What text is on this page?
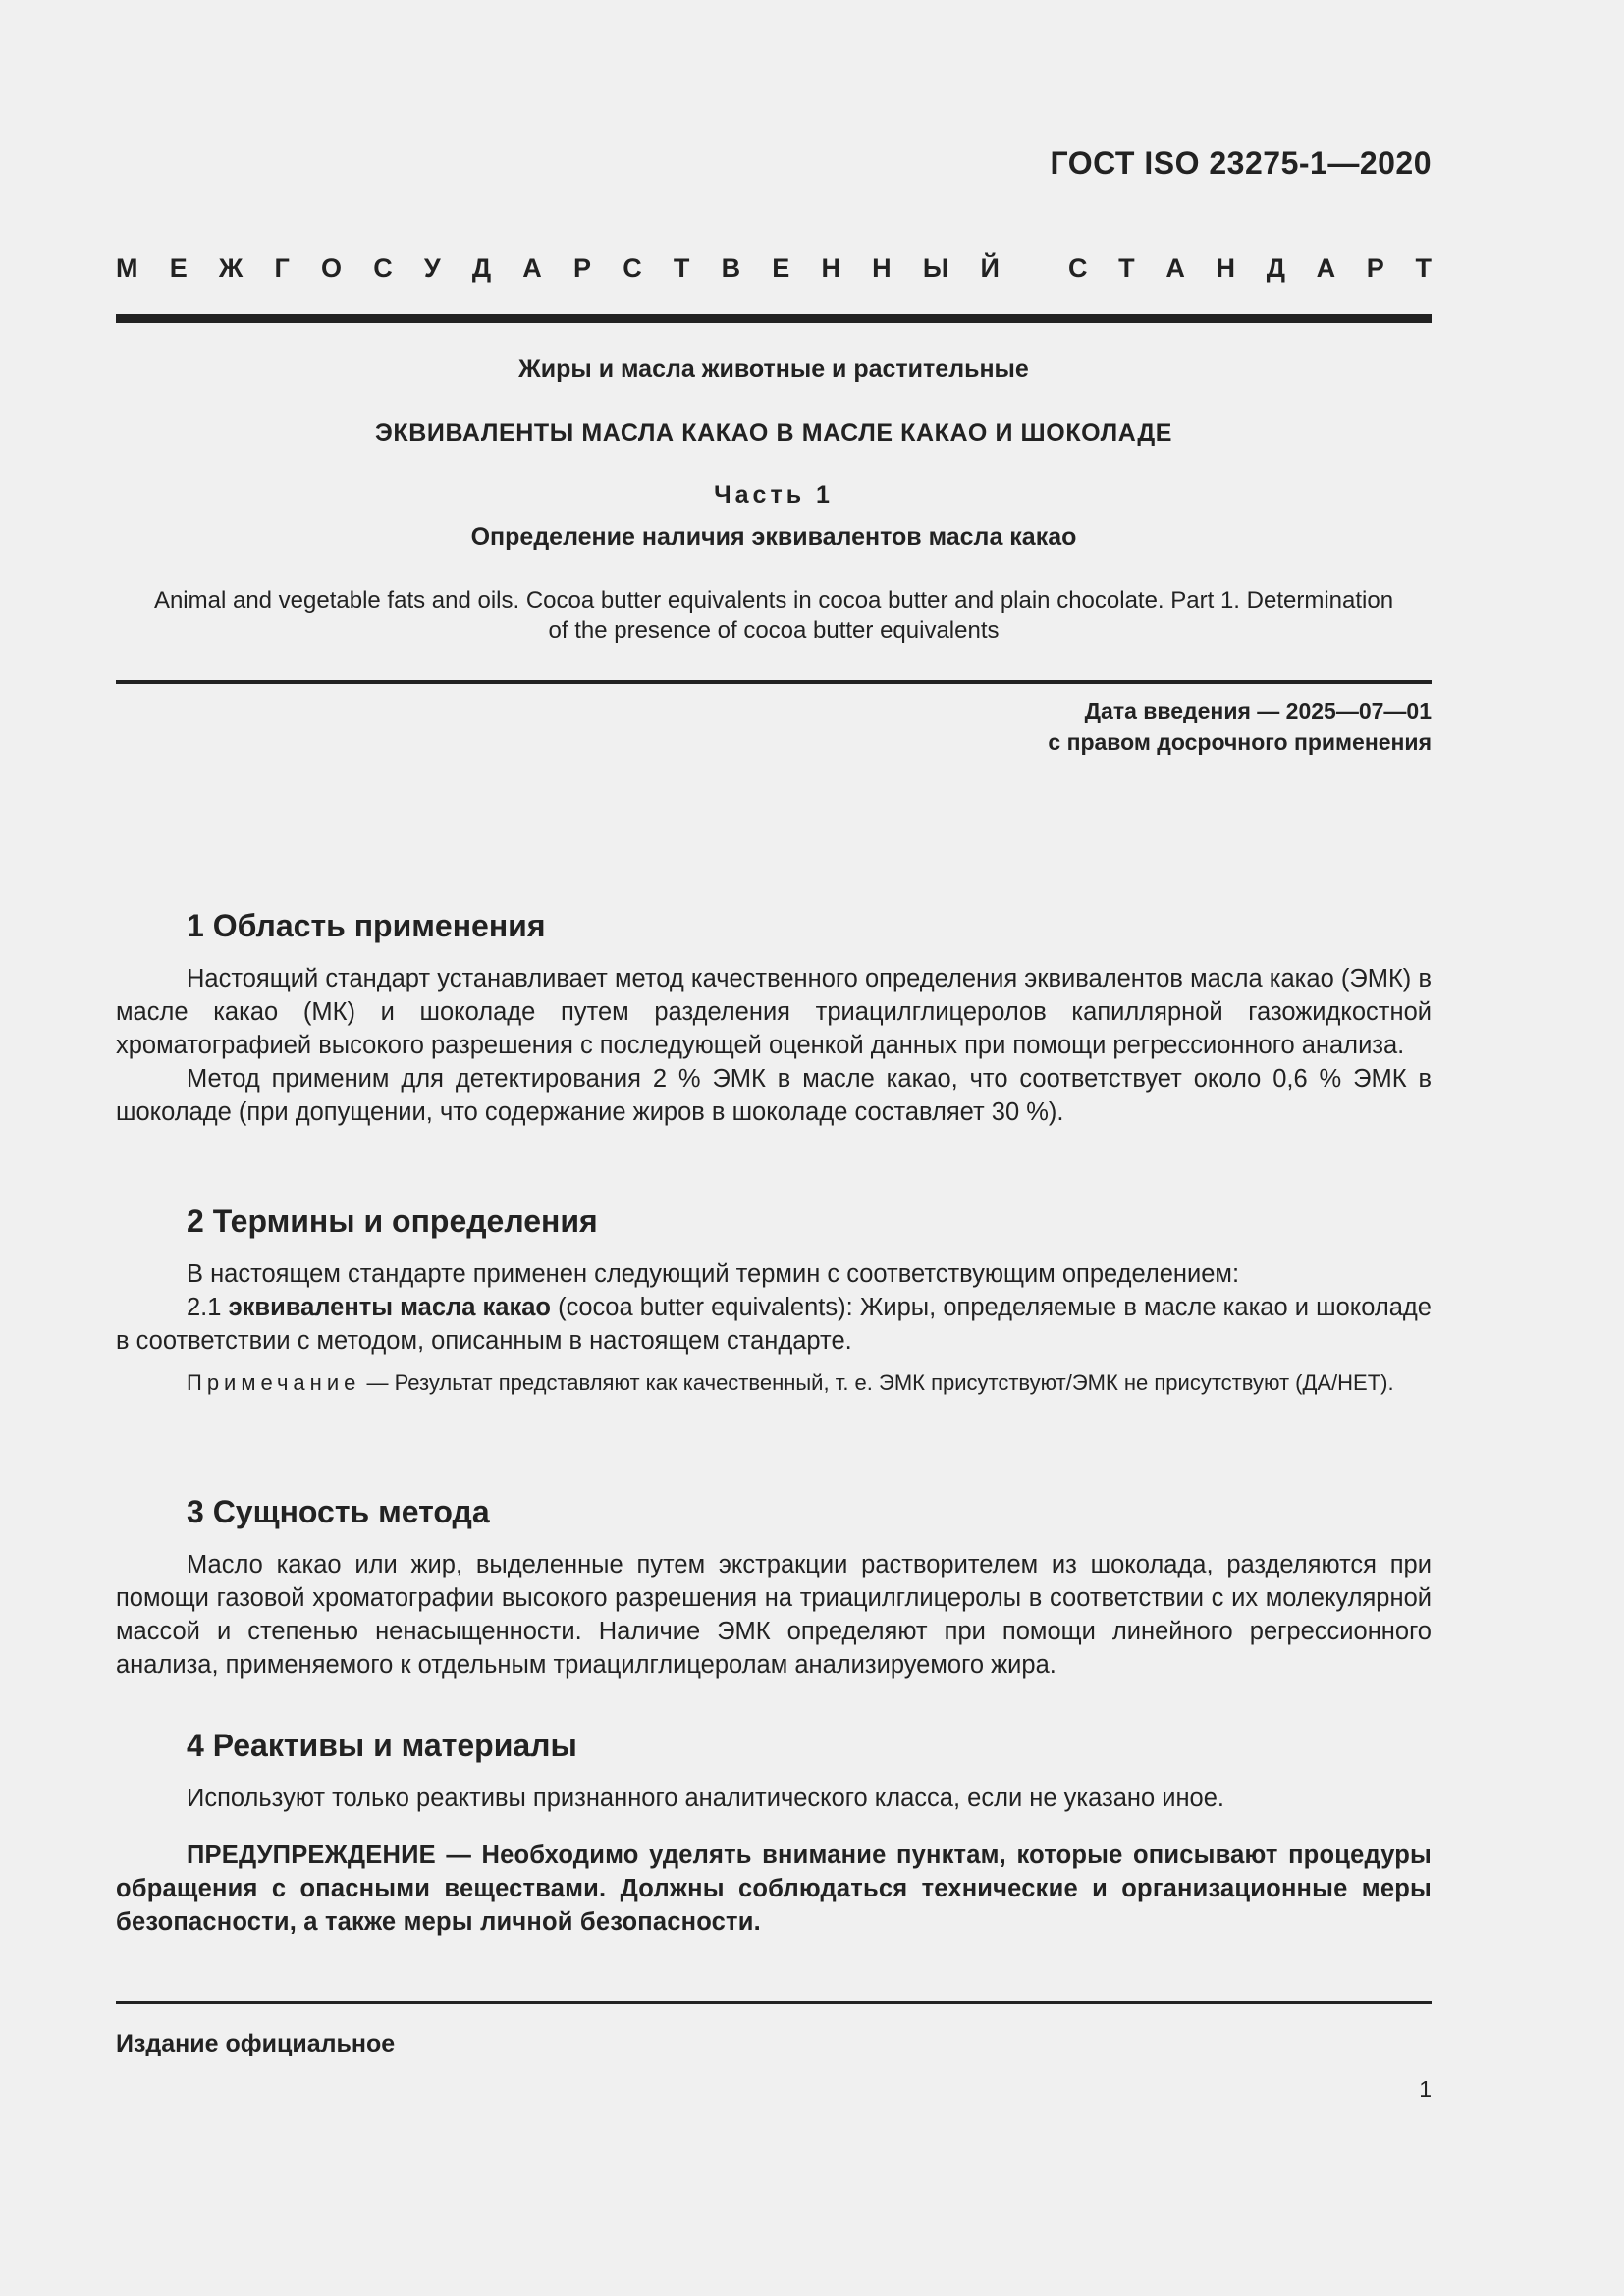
ГОСТ ISO 23275-1—2020
М Е Ж Г О С У Д А Р С Т В Е Н Н Ы Й	С Т А Н Д А Р Т
Жиры и масла животные и растительные
ЭКВИВАЛЕНТЫ МАСЛА КАКАО В МАСЛЕ КАКАО И ШОКОЛАДЕ
Часть 1
Определение наличия эквивалентов масла какао
Animal and vegetable fats and oils. Cocoa butter equivalents in cocoa butter and plain chocolate. Part 1. Determination
of the presence of cocoa butter equivalents
Дата введения — 2025—07—01
с правом досрочного применения
1 Область применения

Настоящий стандарт устанавливает метод качественного определения эквивалентов масла какао (ЭМК) в масле какао (МК) и шоколаде путем разделения триацилглицеролов капиллярной газожидкостной хроматографией высокого разрешения с последующей оценкой данных при помощи регрессионного анализа.

Метод применим для детектирования 2 % ЭМК в масле какао, что соответствует около 0,6 % ЭМК в шоколаде (при допущении, что содержание жиров в шоколаде составляет 30 %).

2 Термины и определения

В настоящем стандарте применен следующий термин с соответствующим определением:

2.1 эквиваленты масла какао (cocoa butter equivalents): Жиры, определяемые в масле какао и шоколаде в соответствии с методом, описанным в настоящем стандарте.

Примечание — Результат представляют как качественный, т. е. ЭМК присутствуют/ЭМК не присутствуют (ДА/НЕТ).

3 Сущность метода

Масло какао или жир, выделенные путем экстракции растворителем из шоколада, разделяются при помощи газовой хроматографии высокого разрешения на триацилглицеролы в соответствии с их молекулярной массой и степенью ненасыщенности. Наличие ЭМК определяют при помощи линейного регрессионного анализа, применяемого к отдельным триацилглицеролам анализируемого жира.

4 Реактивы и материалы

Используют только реактивы признанного аналитического класса, если не указано иное.

ПРЕДУПРЕЖДЕНИЕ — Необходимо уделять внимание пунктам, которые описывают процедуры обращения с опасными веществами. Должны соблюдаться технические и организационные меры безопасности, а также меры личной безопасности.

Издание официальное
1
